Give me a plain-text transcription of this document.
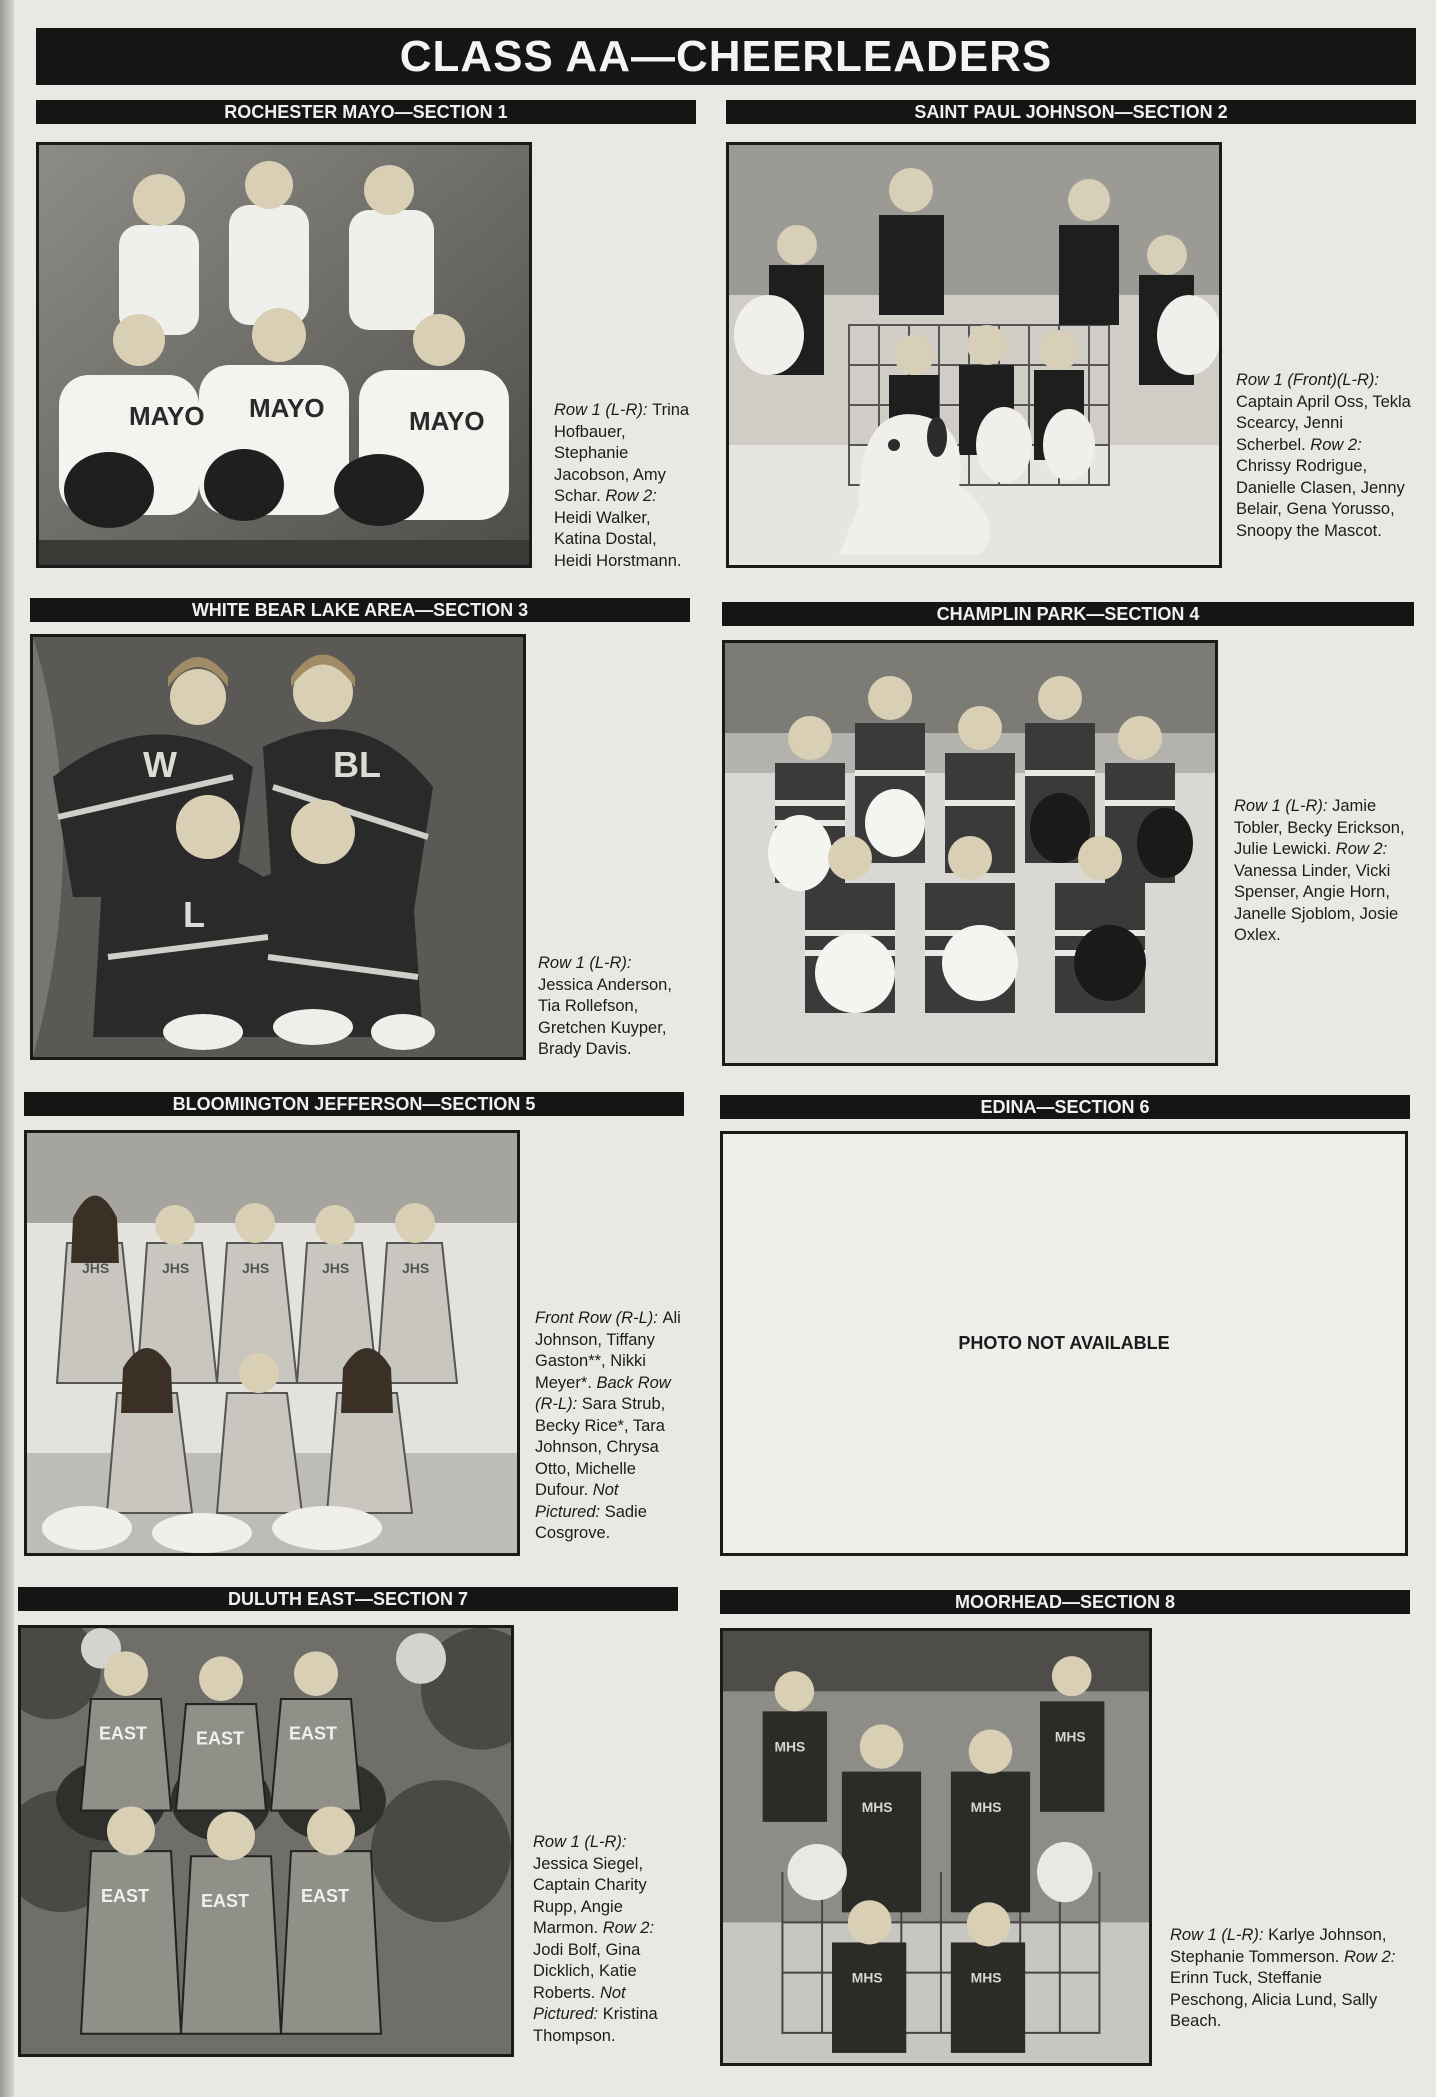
CLASS AA—CHEERLEADERS
ROCHESTER MAYO—SECTION 1
MAYO MAYO	MAYO	Row 1 (L-R): Trina Hofbauer, Stephanie Jacobson, Amy Schar. Row 2: Heidi Walker, Katina Dostal, Heidi Horstmann.
SAINT PAUL JOHNSON—SECTION 2
Row 1 (Front)(L-R): Captain April Oss, Tekla Scearcy, Jenni Scherbel. Row 2: Chrissy Rodrigue, Danielle Clasen, Jenny Belair, Gena Yorusso, Snoopy the Mascot.
WHITE BEAR LAKE AREA—SECTION 3
W	BL
L
Row 1 (L-R): Jessica Anderson, Tia Rollefson, Gretchen Kuyper, Brady Davis.
CHAMPLIN PARK—SECTION 4
Row 1 (L-R): Jamie Tobler, Becky Erickson, Julie Lewicki. Row 2: Vanessa Linder, Vicki Spenser, Angie Horn, Janelle Sjoblom, Josie Oxlex.
BLOOMINGTON JEFFERSON—SECTION 5
JHS	JHS	JHS	JHS	JHS
Front Row (R-L): Ali Johnson, Tiffany Gaston**, Nikki Meyer*. Back Row (R-L): Sara Strub, Becky Rice*, Tara Johnson, Chrysa Otto, Michelle Dufour. Not Pictured: Sadie Cosgrove.
EDINA—SECTION 6
PHOTO NOT AVAILABLE
DULUTH EAST—SECTION 7
EAST	EAST	EAST
EAST	EAST	EAST
Row 1 (L-R): Jessica Siegel, Captain Charity Rupp, Angie Marmon. Row 2: Jodi Bolf, Gina Dicklich, Katie Roberts. Not Pictured: Kristina Thompson.
MOORHEAD—SECTION 8
MHS
MHS
MHS	MHS
MHS	MHS
Row 1 (L-R): Karlye Johnson, Stephanie Tommerson. Row 2: Erinn Tuck, Steffanie Peschong, Alicia Lund, Sally Beach.
